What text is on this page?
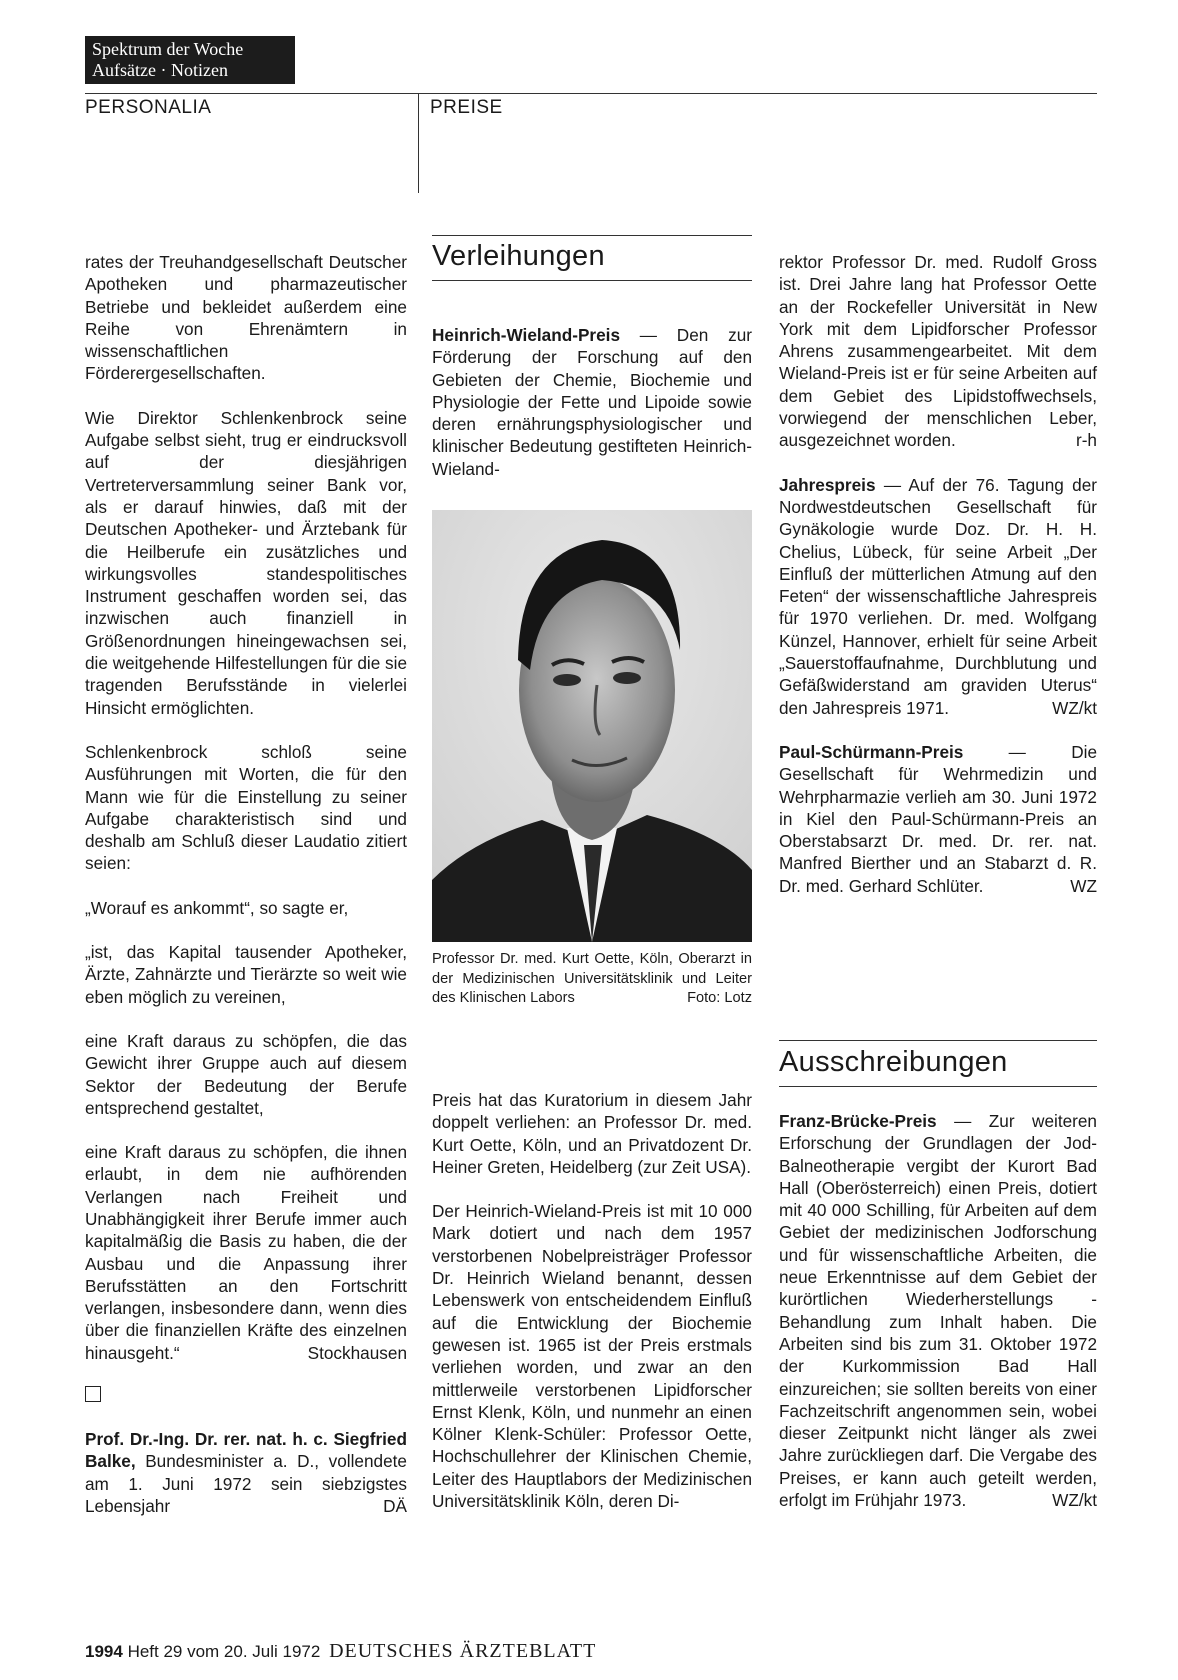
Spektrum der Woche
Aufsätze · Notizen
PERSONALIA	PREISE

rates der Treuhandgesellschaft Deutscher Apotheken und pharmazeutischer Betriebe und bekleidet außerdem eine Reihe von Ehrenämtern in wissenschaftlichen Förderergesellschaften.

Wie Direktor Schlenkenbrock seine Aufgabe selbst sieht, trug er eindrucksvoll auf der diesjährigen Vertreterversammlung seiner Bank vor, als er darauf hinwies, daß mit der Deutschen Apotheker- und Ärztebank für die Heilberufe ein zusätzliches und wirkungsvolles standespolitisches Instrument geschaffen worden sei, das inzwischen auch finanziell in Größenordnungen hineingewachsen sei, die weitgehende Hilfestellungen für die sie tragenden Berufsstände in vielerlei Hinsicht ermöglichten.

Schlenkenbrock schloß seine Ausführungen mit Worten, die für den Mann wie für die Einstellung zu seiner Aufgabe charakteristisch sind und deshalb am Schluß dieser Laudatio zitiert seien:

„Worauf es ankommt“, so sagte er,

„ist, das Kapital tausender Apotheker, Ärzte, Zahnärzte und Tierärzte so weit wie eben möglich zu vereinen,

eine Kraft daraus zu schöpfen, die das Gewicht ihrer Gruppe auch auf diesem Sektor der Bedeutung der Berufe entsprechend gestaltet,

eine Kraft daraus zu schöpfen, die ihnen erlaubt, in dem nie aufhörenden Verlangen nach Freiheit und Unabhängigkeit ihrer Berufe immer auch kapitalmäßig die Basis zu haben, die der Ausbau und die Anpassung ihrer Berufsstätten an den Fortschritt verlangen, insbesondere dann, wenn dies über die finanziellen Kräfte des einzelnen hinausgeht.“	Stockhausen

Prof. Dr.-Ing. Dr. rer. nat. h. c. Siegfried Balke, Bundesminister a. D., vollendete am 1. Juni 1972 sein siebzigstes Lebensjahr	DÄ

Verleihungen

Heinrich-Wieland-Preis — Den zur Förderung der Forschung auf den Gebieten der Chemie, Biochemie und Physiologie der Fette und Lipoide sowie deren ernährungsphysiologischer und klinischer Bedeutung gestifteten Heinrich-Wieland-

Professor Dr. med. Kurt Oette, Köln, Oberarzt in der Medizinischen Universitätsklinik und Leiter des Klinischen Labors	Foto: Lotz

Preis hat das Kuratorium in diesem Jahr doppelt verliehen: an Professor Dr. med. Kurt Oette, Köln, und an Privatdozent Dr. Heiner Greten, Heidelberg (zur Zeit USA).

Der Heinrich-Wieland-Preis ist mit 10 000 Mark dotiert und nach dem 1957 verstorbenen Nobelpreisträger Professor Dr. Heinrich Wieland benannt, dessen Lebenswerk von entscheidendem Einfluß auf die Entwicklung der Biochemie gewesen ist. 1965 ist der Preis erstmals verliehen worden, und zwar an den mittlerweile verstorbenen Lipidforscher Ernst Klenk, Köln, und nunmehr an einen Kölner Klenk-Schüler: Professor Oette, Hochschullehrer der Klinischen Chemie, Leiter des Hauptlabors der Medizinischen Universitätsklinik Köln, deren Di-

rektor Professor Dr. med. Rudolf Gross ist. Drei Jahre lang hat Professor Oette an der Rockefeller Universität in New York mit dem Lipidforscher Professor Ahrens zusammengearbeitet. Mit dem Wieland-Preis ist er für seine Arbeiten auf dem Gebiet des Lipidstoffwechsels, vorwiegend der menschlichen Leber, ausgezeichnet worden.	r-h

Jahrespreis — Auf der 76. Tagung der Nordwestdeutschen Gesellschaft für Gynäkologie wurde Doz. Dr. H. H. Chelius, Lübeck, für seine Arbeit „Der Einfluß der mütterlichen Atmung auf den Feten“ der wissenschaftliche Jahrespreis für 1970 verliehen. Dr. med. Wolfgang Künzel, Hannover, erhielt für seine Arbeit „Sauerstoffaufnahme, Durchblutung und Gefäßwiderstand am graviden Uterus“ den Jahrespreis 1971.	WZ/kt

Paul-Schürmann-Preis — Die Gesellschaft für Wehrmedizin und Wehrpharmazie verlieh am 30. Juni 1972 in Kiel den Paul-Schürmann-Preis an Oberstabsarzt Dr. med. Dr. rer. nat. Manfred Bierther und an Stabarzt d. R. Dr. med. Gerhard Schlüter.	WZ

Ausschreibungen

Franz-Brücke-Preis — Zur weiteren Erforschung der Grundlagen der Jod-Balneotherapie vergibt der Kurort Bad Hall (Oberösterreich) einen Preis, dotiert mit 40 000 Schilling, für Arbeiten auf dem Gebiet der medizinischen Jodforschung und für wissenschaftliche Arbeiten, die neue Erkenntnisse auf dem Gebiet der kurörtlichen Wiederherstellungs - Behandlung zum Inhalt haben. Die Arbeiten sind bis zum 31. Oktober 1972 der Kurkommission Bad Hall einzureichen; sie sollten bereits von einer Fachzeitschrift angenommen sein, wobei dieser Zeitpunkt nicht länger als zwei Jahre zurückliegen darf. Die Vergabe des Preises, er kann auch geteilt werden, erfolgt im Frühjahr 1973.	WZ/kt

1994 Heft 29 vom 20. Juli 1972 DEUTSCHES ÄRZTEBLATT
